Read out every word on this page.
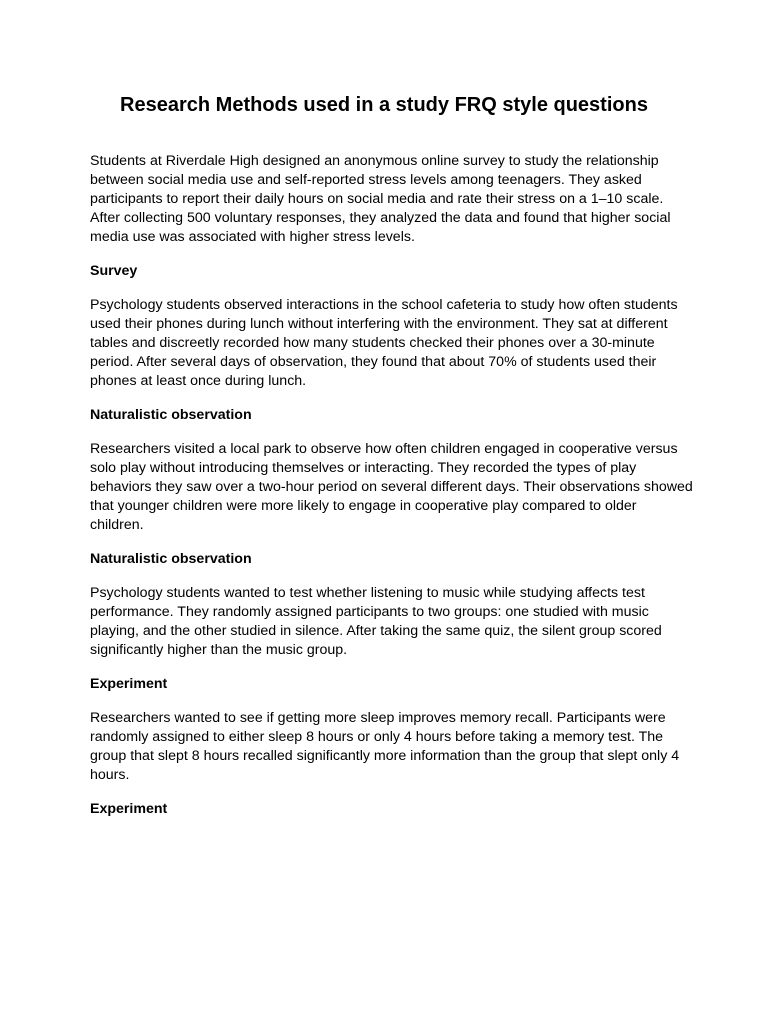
Research Methods used in a study FRQ style questions

Students at Riverdale High designed an anonymous online survey to study the relationship
between social media use and self-reported stress levels among teenagers. They asked
participants to report their daily hours on social media and rate their stress on a 1–10 scale.
After collecting 500 voluntary responses, they analyzed the data and found that higher social
media use was associated with higher stress levels.

Survey

Psychology students observed interactions in the school cafeteria to study how often students
used their phones during lunch without interfering with the environment. They sat at different
tables and discreetly recorded how many students checked their phones over a 30-minute
period. After several days of observation, they found that about 70% of students used their
phones at least once during lunch.

Naturalistic observation

Researchers visited a local park to observe how often children engaged in cooperative versus
solo play without introducing themselves or interacting. They recorded the types of play
behaviors they saw over a two-hour period on several different days. Their observations showed
that younger children were more likely to engage in cooperative play compared to older
children.

Naturalistic observation

Psychology students wanted to test whether listening to music while studying affects test
performance. They randomly assigned participants to two groups: one studied with music
playing, and the other studied in silence. After taking the same quiz, the silent group scored
significantly higher than the music group.

Experiment

Researchers wanted to see if getting more sleep improves memory recall. Participants were
randomly assigned to either sleep 8 hours or only 4 hours before taking a memory test. The
group that slept 8 hours recalled significantly more information than the group that slept only 4
hours.

Experiment
